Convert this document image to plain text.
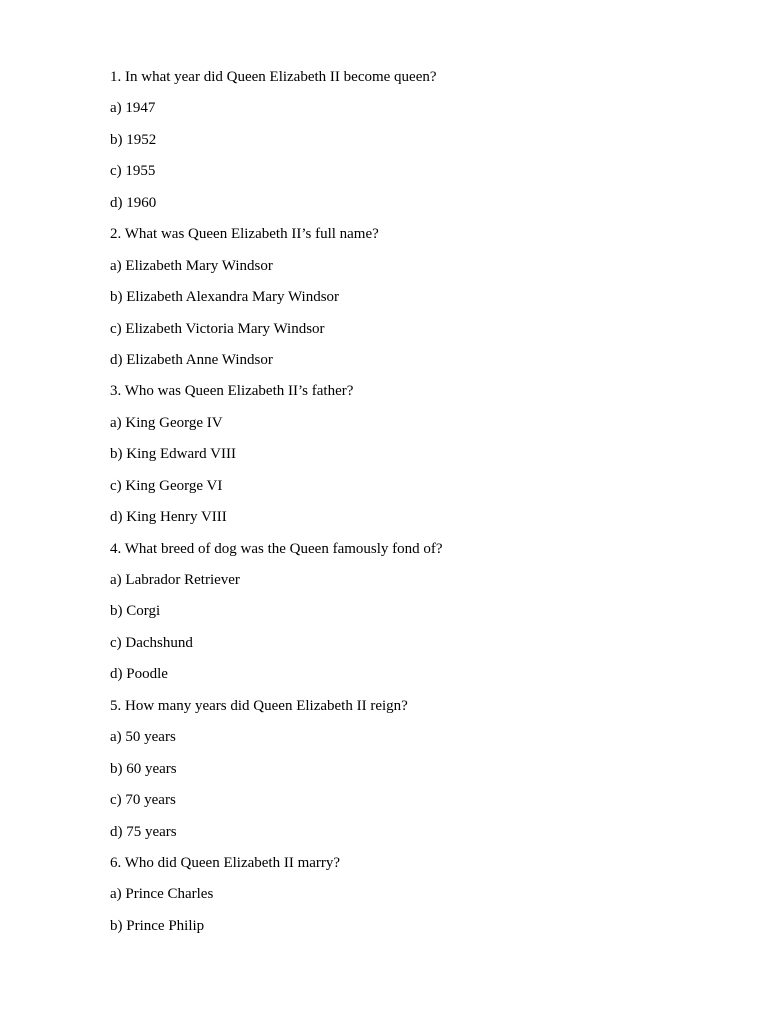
1. In what year did Queen Elizabeth II become queen?
a) 1947
b) 1952
c) 1955
d) 1960
2. What was Queen Elizabeth II’s full name?
a) Elizabeth Mary Windsor
b) Elizabeth Alexandra Mary Windsor
c) Elizabeth Victoria Mary Windsor
d) Elizabeth Anne Windsor
3. Who was Queen Elizabeth II’s father?
a) King George IV
b) King Edward VIII
c) King George VI
d) King Henry VIII
4. What breed of dog was the Queen famously fond of?
a) Labrador Retriever
b) Corgi
c) Dachshund
d) Poodle
5. How many years did Queen Elizabeth II reign?
a) 50 years
b) 60 years
c) 70 years
d) 75 years
6. Who did Queen Elizabeth II marry?
a) Prince Charles
b) Prince Philip
